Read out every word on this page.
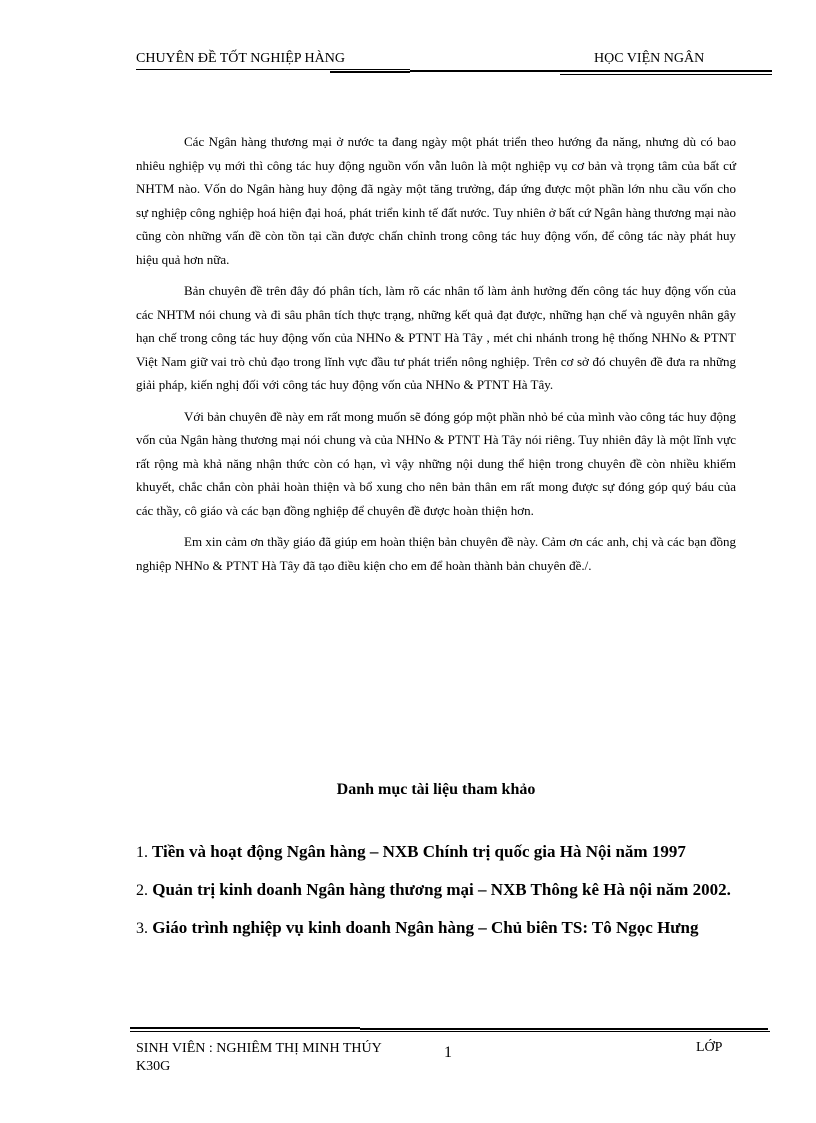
CHUYÊN ĐỀ TỐT NGHIỆP HÀNG	HỌC VIỆN NGÂN

Các Ngân hàng thương mại ở nước ta đang ngày một phát triển theo hướng đa năng, nhưng dù có bao nhiêu nghiệp vụ mới thì công tác huy động nguồn vốn vẫn luôn là một nghiệp vụ cơ bản và trọng tâm của bất cứ NHTM nào. Vốn do Ngân hàng huy động đã ngày một tăng trưởng, đáp ứng được một phần lớn nhu cầu vốn cho sự nghiệp công nghiệp hoá hiện đại hoá, phát triển kinh tế đất nước. Tuy nhiên ở bất cứ Ngân hàng thương mại nào cũng còn những vấn đề còn tồn tại cần được chấn chỉnh trong công tác huy động vốn, để công tác này phát huy hiệu quả hơn nữa.

Bản chuyên đề trên đây đó phân tích, làm rõ các nhân tố làm ảnh hưởng đến công tác huy động vốn của các NHTM nói chung và đi sâu phân tích thực trạng, những kết quả đạt được, những hạn chế và nguyên nhân gây hạn chế trong công tác huy động vốn của NHNo & PTNT Hà Tây , mét chi nhánh trong hệ thống NHNo & PTNT Việt Nam giữ vai trò chủ đạo trong lĩnh vực đầu tư phát triển nông nghiệp. Trên cơ sở đó chuyên đề đưa ra những giải pháp, kiến nghị đối với công tác huy động vốn của NHNo & PTNT Hà Tây.

Với bản chuyên đề này em rất mong muốn sẽ đóng góp một phần nhỏ bé của mình vào công tác huy động vốn của Ngân hàng thương mại nói chung và của NHNo & PTNT Hà Tây nói riêng. Tuy nhiên đây là một lĩnh vực rất rộng mà khả năng nhận thức còn có hạn, vì vậy những nội dung thể hiện trong chuyên đề còn nhiều khiếm khuyết, chắc chắn còn phải hoàn thiện và bổ xung cho nên bản thân em rất mong được sự đóng góp quý báu của các thầy, cô giáo và các bạn đồng nghiệp để chuyên đề được hoàn thiện hơn.

Em xin cảm ơn thầy giáo đã giúp em hoàn thiện bản chuyên đề này. Cảm ơn các anh, chị và các bạn đồng nghiệp NHNo & PTNT Hà Tây đã tạo điều kiện cho em để hoàn thành bản chuyên đề./.

Danh mục tài liệu tham khảo
1. Tiền và hoạt động Ngân hàng – NXB Chính trị quốc gia Hà Nội năm 1997
2. Quản trị kinh doanh Ngân hàng thương mại – NXB Thông kê Hà nội năm 2002.
3. Giáo trình nghiệp vụ kinh doanh Ngân hàng – Chủ biên TS: Tô Ngọc Hưng
SINH VIÊN : NGHIÊM THỊ MINH THÚY
K30G
1	LỚP
